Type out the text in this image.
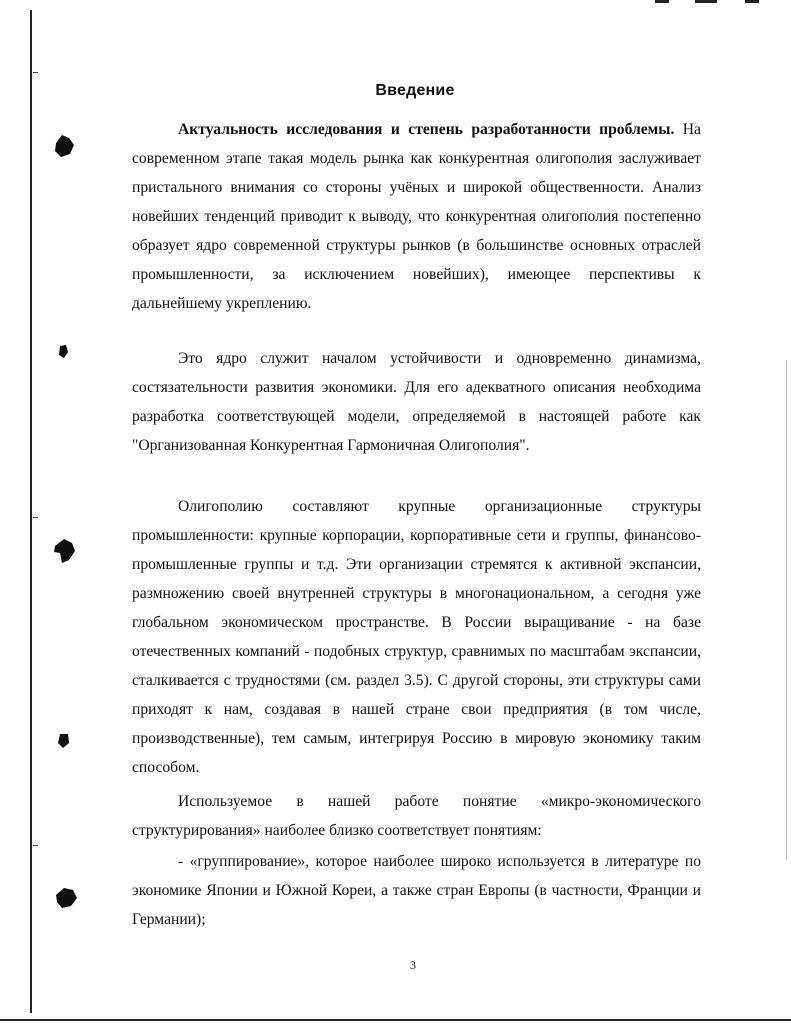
Введение

Актуальность исследования и степень разработанности проблемы. На современном этапе такая модель рынка как конкурентная олигополия заслуживает пристального внимания со стороны учёных и широкой общественности. Анализ новейших тенденций приводит к выводу, что конкурентная олигополия постепенно образует ядро современной структуры рынков (в большинстве основных отраслей промышленности, за исключением новейших), имеющее перспективы к дальнейшему укреплению.

Это ядро служит началом устойчивости и одновременно динамизма, состязательности развития экономики. Для его адекватного описания необходима разработка соответствующей модели, определяемой в настоящей работе как "Организованная Конкурентная Гармоничная Олигополия".

Олигополию составляют крупные организационные структуры промышленности: крупные корпорации, корпоративные сети и группы, финансово-промышленные группы и т.д. Эти организации стремятся к активной экспансии, размножению своей внутренней структуры в многонациональном, а сегодня уже глобальном экономическом пространстве. В России выращивание - на базе отечественных компаний - подобных структур, сравнимых по масштабам экспансии, сталкивается с трудностями (см. раздел 3.5). С другой стороны, эти структуры сами приходят к нам, создавая в нашей стране свои предприятия (в том числе, производственные), тем самым, интегрируя Россию в мировую экономику таким способом.

Используемое в нашей работе понятие «микро-экономического структурирования» наиболее близко соответствует понятиям:

- «группирование», которое наиболее широко используется в литературе по экономике Японии и Южной Кореи, а также стран Европы (в частности, Франции и Германии);

3
